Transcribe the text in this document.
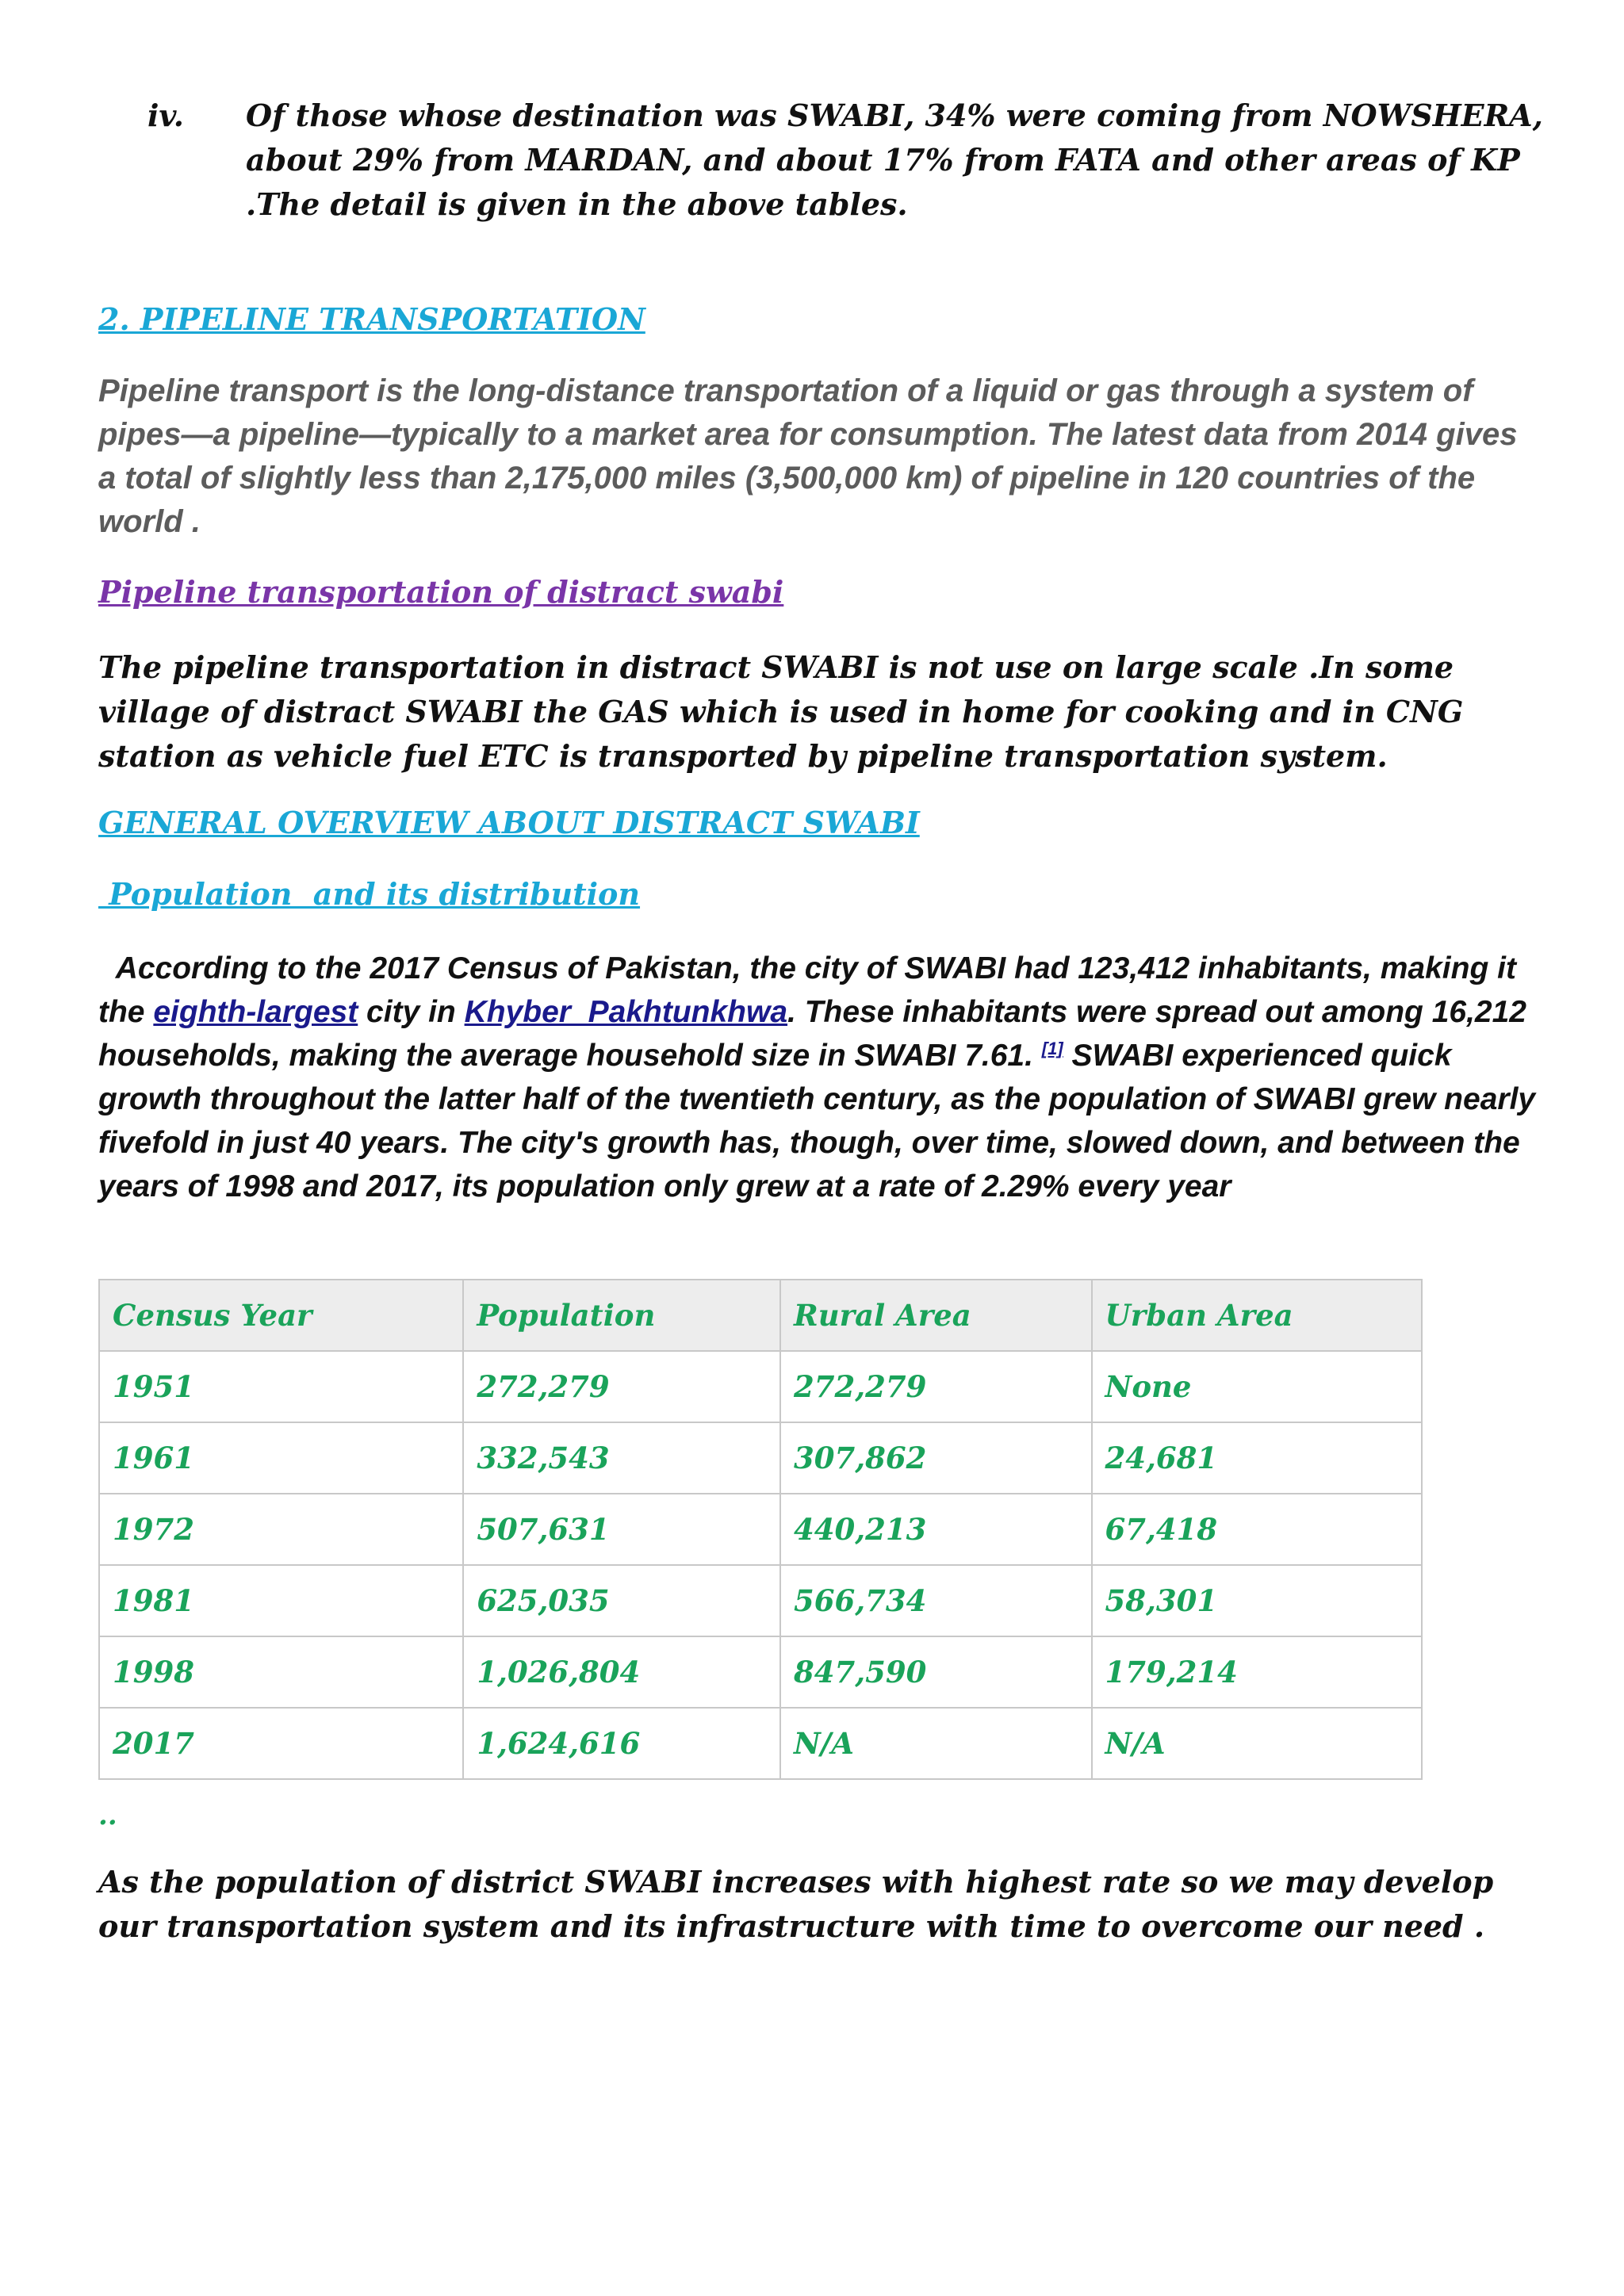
iv.	Of those whose destination was SWABI, 34% were coming from NOWSHERA, about 29% from MARDAN, and about 17% from FATA and other areas of KP .The detail is given in the above tables.
2. PIPELINE TRANSPORTATION
Pipeline transport is the long-distance transportation of a liquid or gas through a system of pipes—a pipeline—typically to a market area for consumption. The latest data from 2014 gives a total of slightly less than 2,175,000 miles (3,500,000 km) of pipeline in 120 countries of the world .
Pipeline transportation of distract swabi
The pipeline transportation in distract SWABI is not use on large scale .In some village of distract SWABI the GAS which is used in home for cooking and in CNG station as vehicle fuel ETC is transported by pipeline transportation system.
GENERAL OVERVIEW ABOUT DISTRACT SWABI
Population  and its distribution
According to the 2017 Census of Pakistan, the city of SWABI had 123,412 inhabitants, making it the eighth-largest city in Khyber  Pakhtunkhwa. These inhabitants were spread out among 16,212 households, making the average household size in SWABI 7.61. [1] SWABI experienced quick growth throughout the latter half of the twentieth century, as the population of SWABI grew nearly fivefold in just 40 years. The city's growth has, though, over time, slowed down, and between the years of 1998 and 2017, its population only grew at a rate of 2.29% every year
Census Year	Population	Rural Area	Urban Area
1951	272,279	272,279	None
1961	332,543	307,862	24,681
1972	507,631	440,213	67,418
1981	625,035	566,734	58,301
1998	1,026,804	847,590	179,214
2017	1,624,616	N/A	N/A
..
As the population of district SWABI increases with highest rate so we may develop our transportation system and its infrastructure with time to overcome our need .
